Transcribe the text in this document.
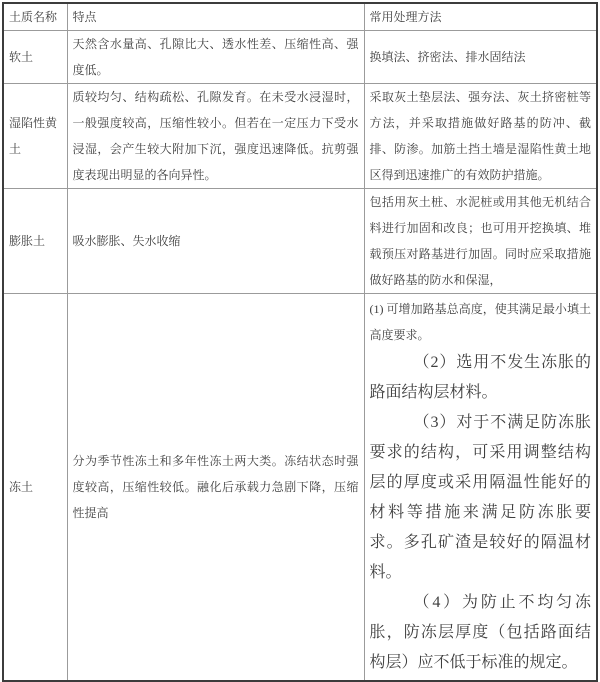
土质名称	特点	常用处理方法
软土	天然含水量高、孔隙比大、透水性差、压缩性高、强度低。	换填法、挤密法、排水固结法
湿陷性黄土	质较均匀、结构疏松、孔隙发育。在未受水浸湿时，一般强度较高，压缩性较小。但若在一定压力下受水浸湿，会产生较大附加下沉，强度迅速降低。抗剪强度表现出明显的各向异性。	采取灰土垫层法、强夯法、灰土挤密桩等方法，并采取措施做好路基的防冲、截排、防渗。加筋土挡土墙是湿陷性黄土地区得到迅速推广的有效防护措施。
膨胀土	吸水膨胀、失水收缩	包括用灰土桩、水泥桩或用其他无机结合料进行加固和改良；也可用开挖换填、堆载预压对路基进行加固。同时应采取措施做好路基的防水和保湿，
冻土	分为季节性冻土和多年性冻土两大类。冻结状态时强度较高，压缩性较低。融化后承载力急剧下降，压缩性提高	(1) 可增加路基总高度，使其满足最小填土高度要求。

（2）选用不发生冻胀的路面结构层材料。

（3）对于不满足防冻胀要求的结构，可采用调整结构层的厚度或采用隔温性能好的材料等措施来满足防冻胀要求。多孔矿渣是较好的隔温材料。

（4）为防止不均匀冻胀，防冻层厚度（包括路面结构层）应不低于标准的规定。
